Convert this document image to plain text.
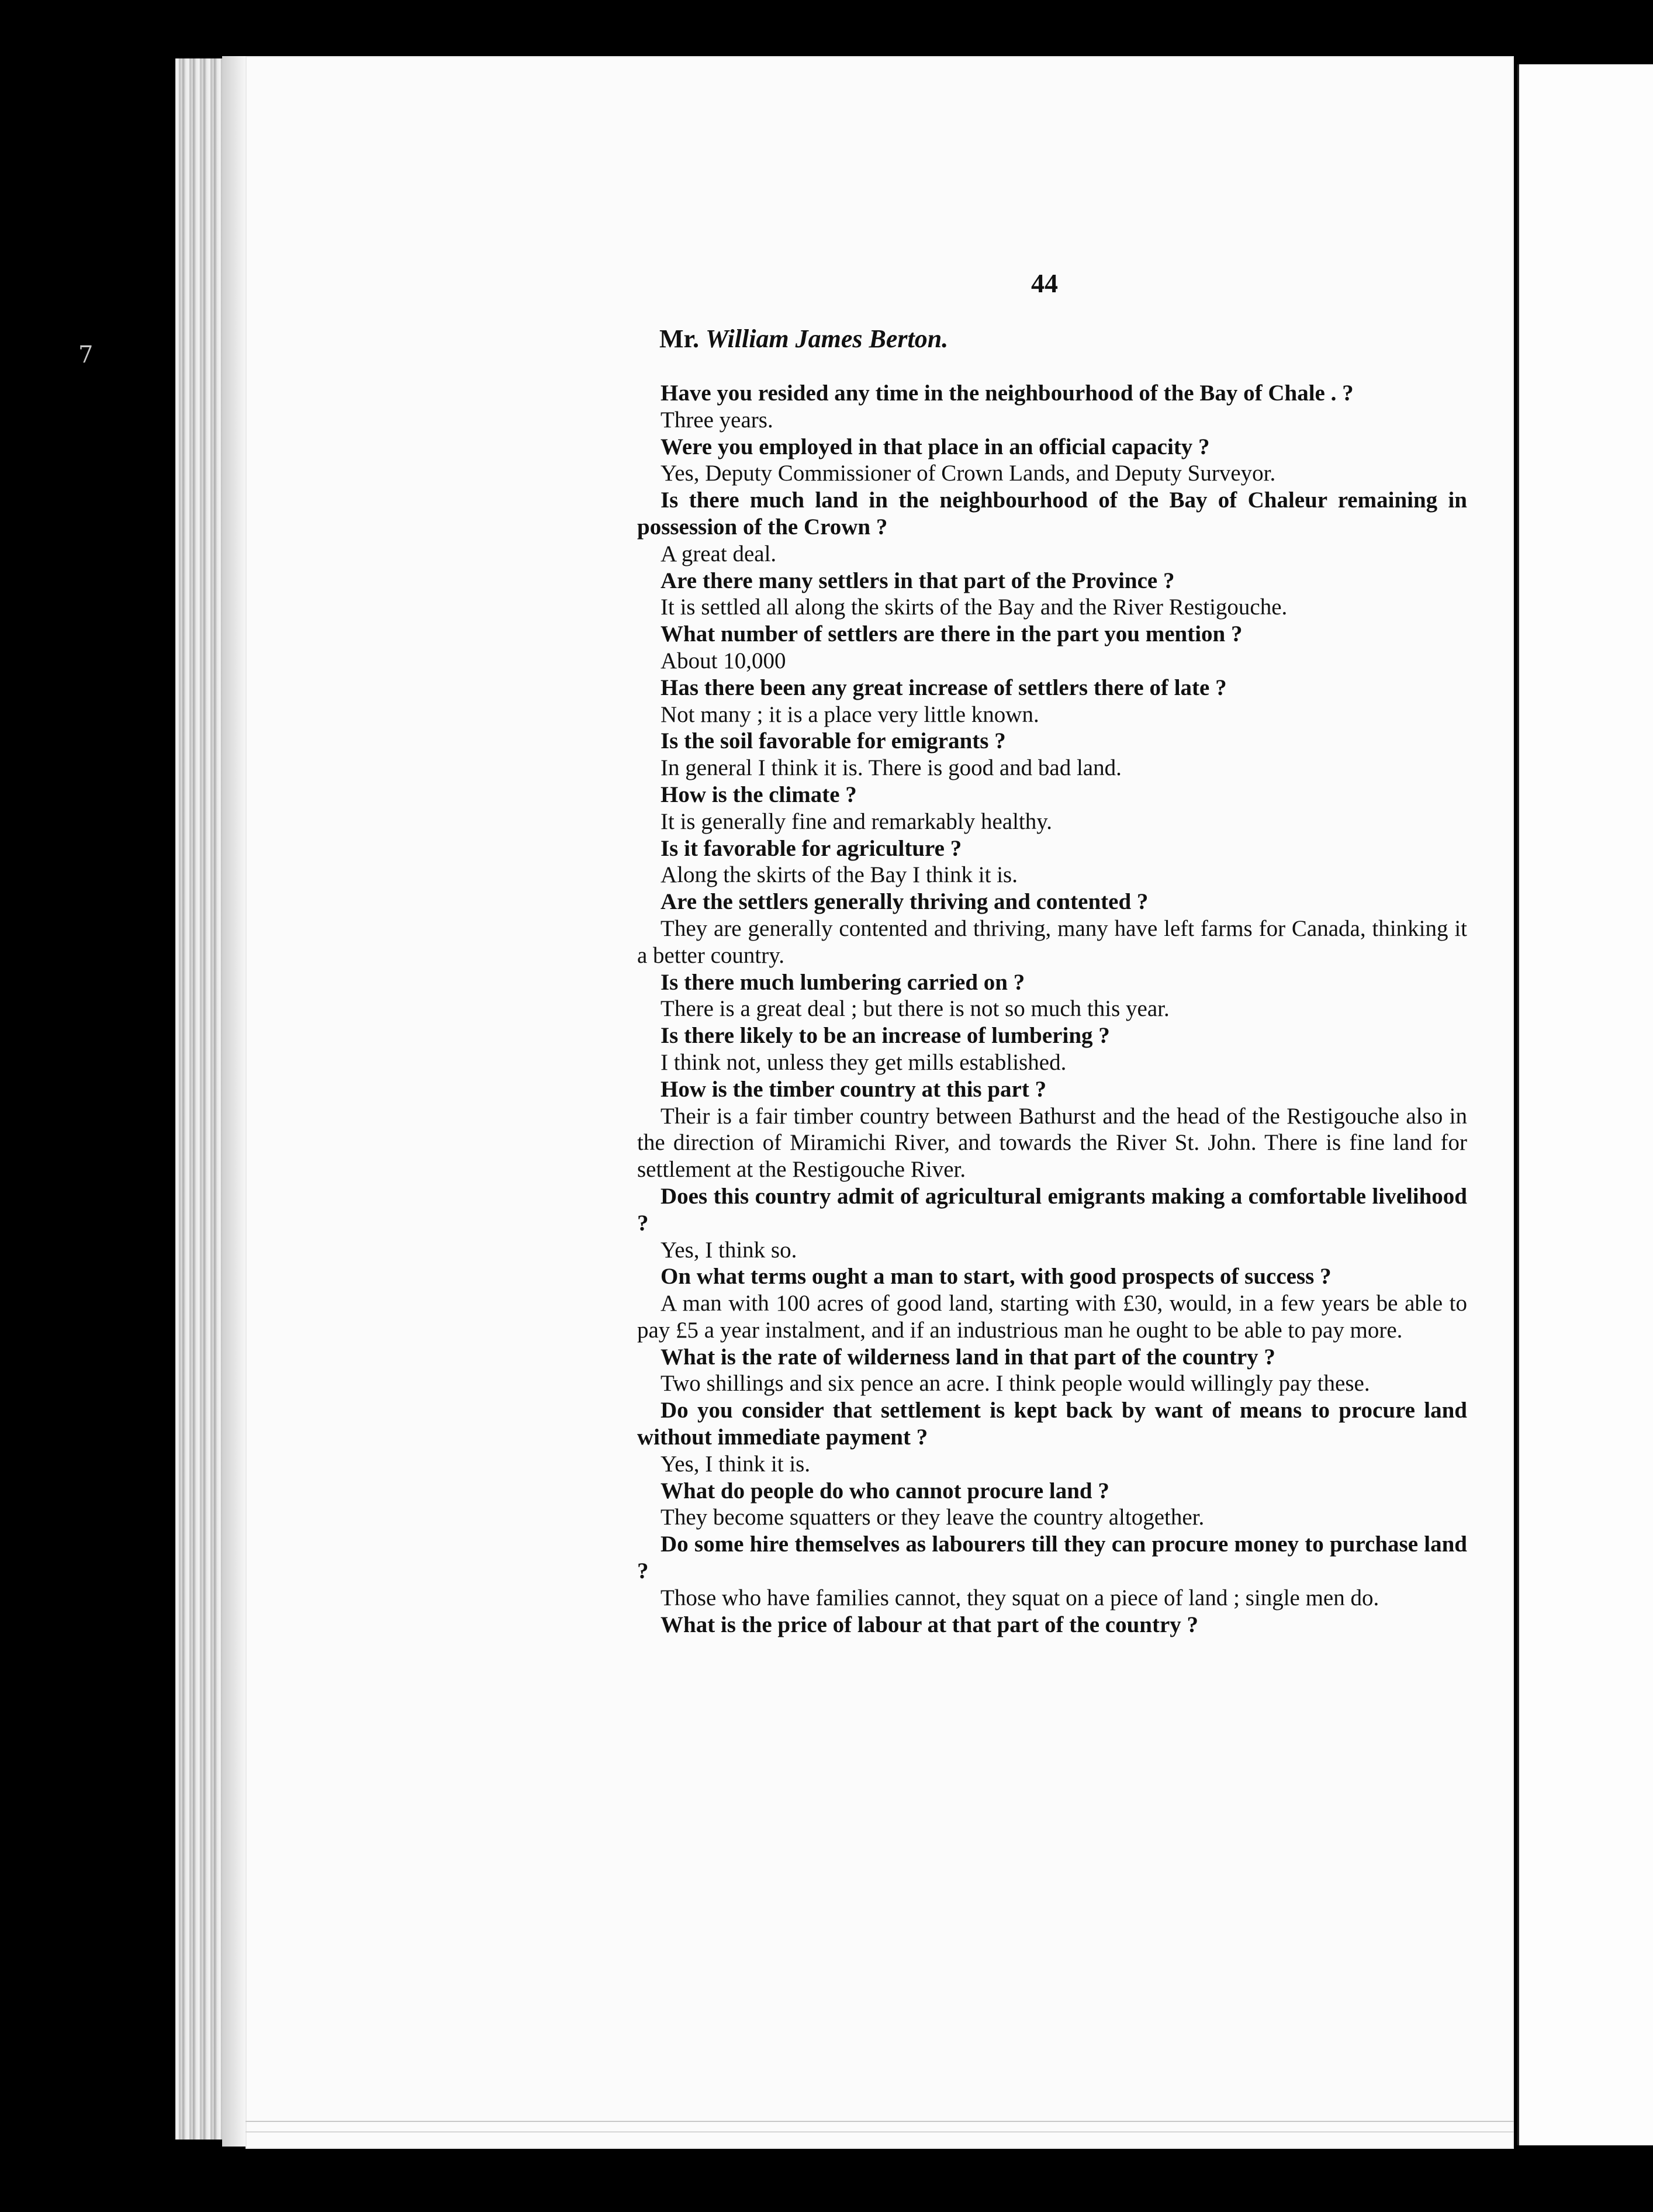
7
44

Mr. William James Berton.

Have you resided any time in the neighbourhood of the Bay of Chale . ?

Three years.

Were you employed in that place in an official capacity ?

Yes, Deputy Commissioner of Crown Lands, and Deputy Surveyor.

Is there much land in the neighbourhood of the Bay of Chaleur remaining in possession of the Crown ?

A great deal.

Are there many settlers in that part of the Province ?

It is settled all along the skirts of the Bay and the River Restigouche.

What number of settlers are there in the part you mention ?

About 10,000

Has there been any great increase of settlers there of late ?

Not many ; it is a place very little known.

Is the soil favorable for emigrants ?

In general I think it is. There is good and bad land.

How is the climate ?

It is generally fine and remarkably healthy.

Is it favorable for agriculture ?

Along the skirts of the Bay I think it is.

Are the settlers generally thriving and contented ?

They are generally contented and thriving, many have left farms for Canada, thinking it a better country.

Is there much lumbering carried on ?

There is a great deal ; but there is not so much this year.

Is there likely to be an increase of lumbering ?

I think not, unless they get mills established.

How is the timber country at this part ?

Their is a fair timber country between Bathurst and the head of the Restigouche also in the direction of Miramichi River, and towards the River St. John. There is fine land for settlement at the Restigouche River.

Does this country admit of agricultural emigrants making a comfortable livelihood ?

Yes, I think so.

On what terms ought a man to start, with good prospects of success ?

A man with 100 acres of good land, starting with £30, would, in a few years be able to pay £5 a year instalment, and if an industrious man he ought to be able to pay more.

What is the rate of wilderness land in that part of the country ?

Two shillings and six pence an acre. I think people would willingly pay these.

Do you consider that settlement is kept back by want of means to procure land without immediate payment ?

Yes, I think it is.

What do people do who cannot procure land ?

They become squatters or they leave the country altogether.

Do some hire themselves as labourers till they can procure money to purchase land ?

Those who have families cannot, they squat on a piece of land ; single men do.

What is the price of labour at that part of the country ?
